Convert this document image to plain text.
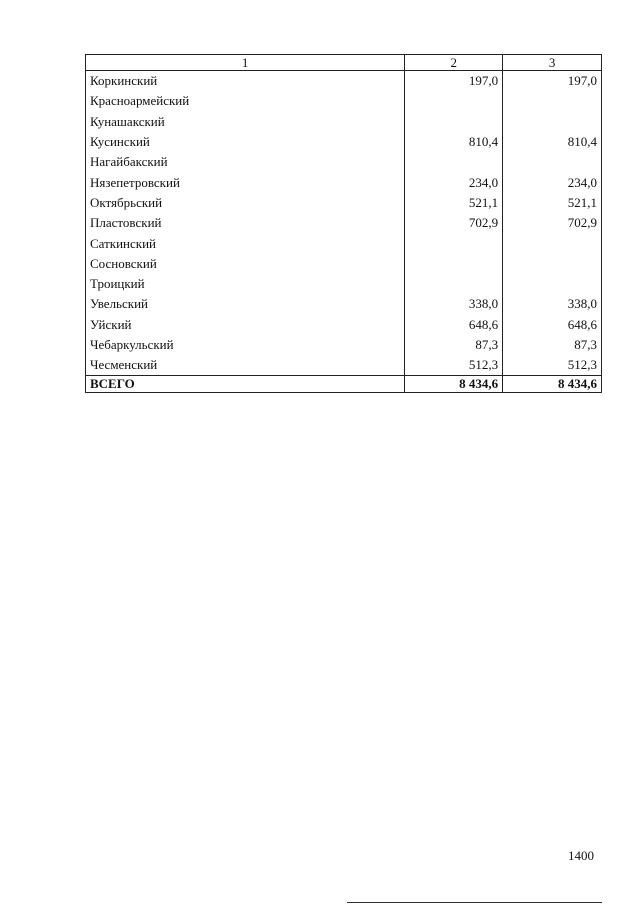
1	2	3
Коркинский	197,0	197,0
Красноармейский		
Кунашакский		
Кусинский	810,4	810,4
Нагайбакский		
Нязепетровский	234,0	234,0
Октябрьский	521,1	521,1
Пластовский	702,9	702,9
Саткинский		
Сосновский		
Троицкий		
Увельский	338,0	338,0
Уйский	648,6	648,6
Чебаркульский	87,3	87,3
Чесменский	512,3	512,3
ВСЕГО	8 434,6	8 434,6
1400
